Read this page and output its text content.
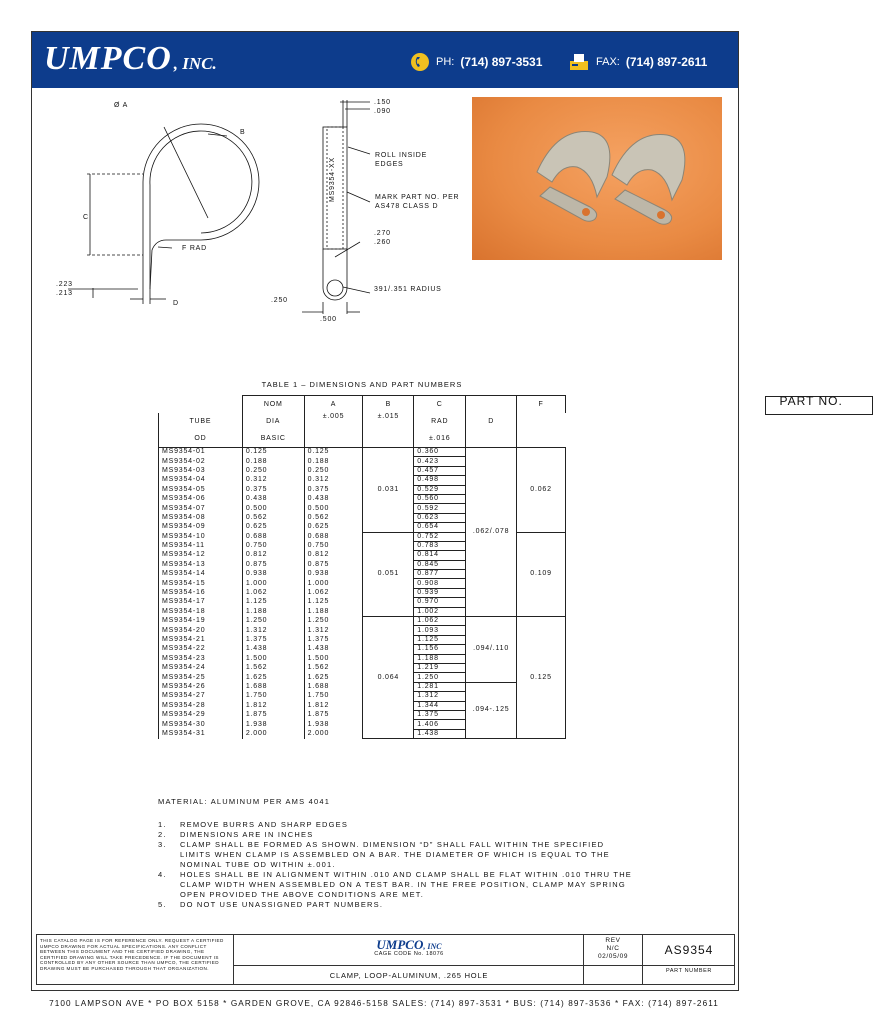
UMPCO , INC.	PH: (714) 897-3531	FAX: (714) 897-2611
Ø A
B
C
F RAD
D
.223
.213
.150
.090
MS9354-XX
ROLL INSIDE
EDGES
MARK PART NO. PER
AS478 CLASS D
.270
.260
391/.351 RADIUS
.250
.500
TABLE 1 – DIMENSIONS AND PART NUMBERS
PART NO.
NOM	A	B	C	D	F
TUBE	DIA	±.005	±.015	RAD		
OD	BASIC			±.016		
MS9354-01	0.125	0.125	0.031	0.360	.062/.078	0.062
MS9354-02	0.188	0.188		0.423		
MS9354-03	0.250	0.250		0.457		
MS9354-04	0.312	0.312		0.498		
MS9354-05	0.375	0.375		0.529		
MS9354-06	0.438	0.438		0.560		
MS9354-07	0.500	0.500		0.592		
MS9354-08	0.562	0.562		0.623		
MS9354-09	0.625	0.625		0.654		
MS9354-10	0.688	0.688	0.051	0.752		0.109
MS9354-11	0.750	0.750		0.783		
MS9354-12	0.812	0.812		0.814		
MS9354-13	0.875	0.875		0.845		
MS9354-14	0.938	0.938		0.877		
MS9354-15	1.000	1.000		0.908		
MS9354-16	1.062	1.062		0.939		
MS9354-17	1.125	1.125		0.970		
MS9354-18	1.188	1.188		1.002		
MS9354-19	1.250	1.250	0.064	1.062	.094/.110	0.125
MS9354-20	1.312	1.312		1.093		
MS9354-21	1.375	1.375		1.125		
MS9354-22	1.438	1.438		1.156		
MS9354-23	1.500	1.500		1.188		
MS9354-24	1.562	1.562		1.219		
MS9354-25	1.625	1.625		1.250		
MS9354-26	1.688	1.688		1.281	.094-.125	
MS9354-27	1.750	1.750		1.312		
MS9354-28	1.812	1.812		1.344		
MS9354-29	1.875	1.875		1.375		
MS9354-30	1.938	1.938		1.406		
MS9354-31	2.000	2.000		1.438		
MATERIAL: ALUMINUM PER AMS 4041
1.	REMOVE BURRS AND SHARP EDGES
2.	DIMENSIONS ARE IN INCHES
3.	CLAMP SHALL BE FORMED AS SHOWN. DIMENSION “D” SHALL FALL WITHIN THE SPECIFIED
LIMITS WHEN CLAMP IS ASSEMBLED ON A BAR. THE DIAMETER OF WHICH IS EQUAL TO THE
NOMINAL TUBE OD WITHIN ±.001.
4.	HOLES SHALL BE IN ALIGNMENT WITHIN .010 AND CLAMP SHALL BE FLAT WITHIN .010 THRU THE
CLAMP WIDTH WHEN ASSEMBLED ON A TEST BAR. IN THE FREE POSITION, CLAMP MAY SPRING
OPEN PROVIDED THE ABOVE CONDITIONS ARE MET.
5.	DO NOT USE UNASSIGNED PART NUMBERS.
THIS CATALOG PAGE IS FOR REFERENCE ONLY. REQUEST A CERTIFIED UMPCO DRAWING FOR ACTUAL SPECIFICATIONS. ANY CONFLICT BETWEEN THIS DOCUMENT AND THE CERTIFIED DRAWING, THE CERTIFIED DRAWING WILL TAKE PRECEDENCE. IF THE DOCUMENT IS CONTROLLED BY ANY OTHER SOURCE THAN UMPCO, THE CERTIFIED DRAWING MUST BE PURCHASED THROUGH THAT ORGANIZATION.
UMPCO, INC
CAGE CODE No. 18076
CLAMP, LOOP-ALUMINUM, .265 HOLE
REV
N/C
02/05/09	AS9354
PART NUMBER
7100 LAMPSON AVE * PO BOX 5158 * GARDEN GROVE, CA 92846-5158 SALES: (714) 897-3531 * BUS: (714) 897-3536 * FAX: (714) 897-2611
